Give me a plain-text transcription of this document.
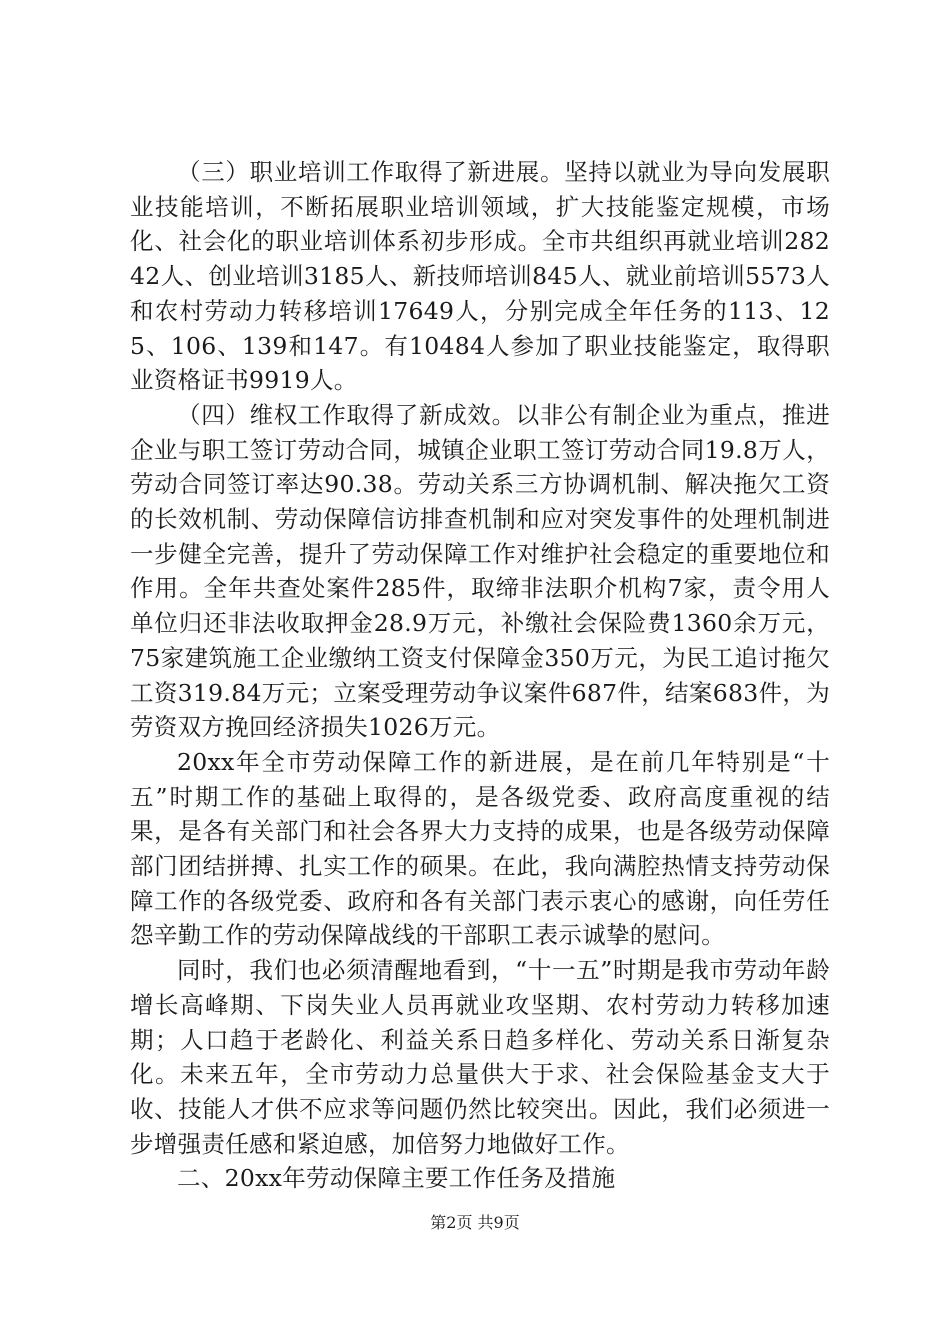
（三）职业培训工作取得了新进展。坚持以就业为导向发展职业技能培训，不断拓展职业培训领域，扩大技能鉴定规模，市场化、社会化的职业培训体系初步形成。全市共组织再就业培训28242人、创业培训3185人、新技师培训845人、就业前培训5573人和农村劳动力转移培训17649人，分别完成全年任务的113、125、106、139和147。有10484人参加了职业技能鉴定，取得职业资格证书9919人。

（四）维权工作取得了新成效。以非公有制企业为重点，推进企业与职工签订劳动合同，城镇企业职工签订劳动合同19.8万人，劳动合同签订率达90.38。劳动关系三方协调机制、解决拖欠工资的长效机制、劳动保障信访排查机制和应对突发事件的处理机制进一步健全完善，提升了劳动保障工作对维护社会稳定的重要地位和作用。全年共查处案件285件，取缔非法职介机构7家，责令用人单位归还非法收取押金28.9万元，补缴社会保险费1360余万元，75家建筑施工企业缴纳工资支付保障金350万元，为民工追讨拖欠工资319.84万元；立案受理劳动争议案件687件，结案683件，为劳资双方挽回经济损失1026万元。

20xx年全市劳动保障工作的新进展，是在前几年特别是“十五”时期工作的基础上取得的，是各级党委、政府高度重视的结果，是各有关部门和社会各界大力支持的成果，也是各级劳动保障部门团结拼搏、扎实工作的硕果。在此，我向满腔热情支持劳动保障工作的各级党委、政府和各有关部门表示衷心的感谢，向任劳任怨辛勤工作的劳动保障战线的干部职工表示诚挚的慰问。

同时，我们也必须清醒地看到，“十一五”时期是我市劳动年龄增长高峰期、下岗失业人员再就业攻坚期、农村劳动力转移加速期；人口趋于老龄化、利益关系日趋多样化、劳动关系日渐复杂化。未来五年，全市劳动力总量供大于求、社会保险基金支大于收、技能人才供不应求等问题仍然比较突出。因此，我们必须进一步增强责任感和紧迫感，加倍努力地做好工作。

二、20xx年劳动保障主要工作任务及措施

第2页 共9页
